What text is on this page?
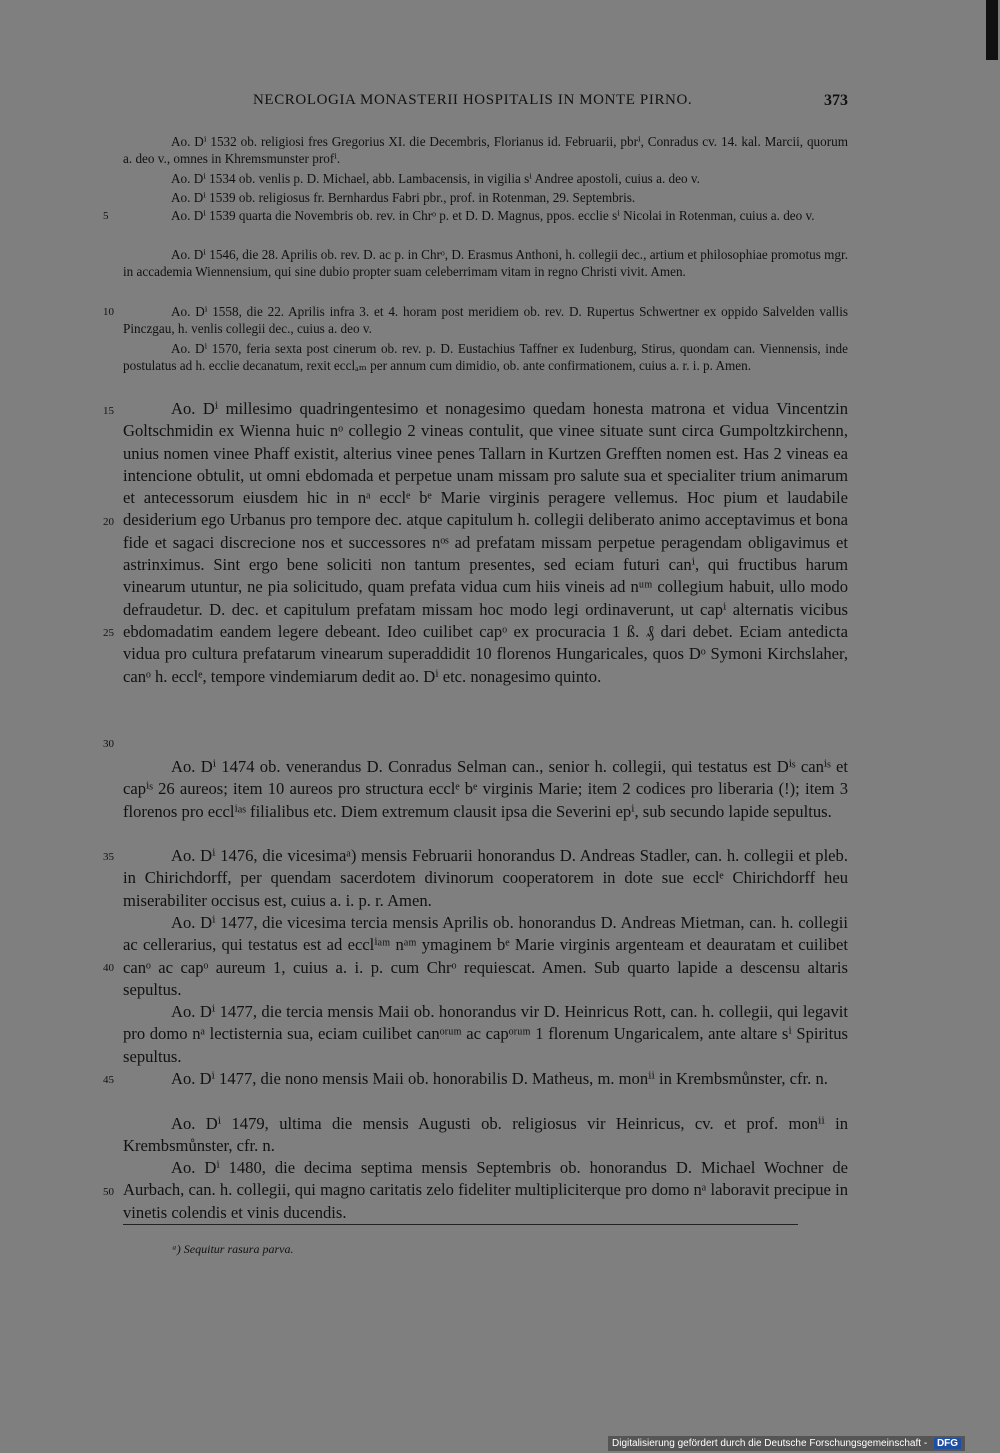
NECROLOGIA MONASTERII HOSPITALIS IN MONTE PIRNO.	373
5
10
15
20
25
30
35
40
45
50
Ao. Dⁱ 1532 ob. religiosi fres Gregorius XI. die Decembris, Florianus id. Februarii, pbrⁱ, Conradus cv. 14. kal. Marcii, quorum a. deo v., omnes in Khremsmunster profⁱ.
Ao. Dⁱ 1534 ob. venlis p. D. Michael, abb. Lambacensis, in vigilia sⁱ Andree apostoli, cuius a. deo v.
Ao. Dⁱ 1539 ob. religiosus fr. Bernhardus Fabri pbr., prof. in Rotenman, 29. Septembris.
Ao. Dⁱ 1539 quarta die Novembris ob. rev. in Chrᵒ p. et D. D. Magnus, ppos. ecclie sⁱ Nicolai in Rotenman, cuius a. deo v.
Ao. Dⁱ 1546, die 28. Aprilis ob. rev. D. ac p. in Chrᵒ, D. Erasmus Anthoni, h. collegii dec., artium et philosophiae promotus mgr. in accademia Wiennensium, qui sine dubio propter suam celeberrimam vitam in regno Christi vivit. Amen.
Ao. Dⁱ 1558, die 22. Aprilis infra 3. et 4. horam post meridiem ob. rev. D. Rupertus Schwertner ex oppido Salvelden vallis Pinczgau, h. venlis collegii dec., cuius a. deo v.
Ao. Dⁱ 1570, feria sexta post cinerum ob. rev. p. D. Eustachius Taffner ex Iudenburg, Stirus, quondam can. Viennensis, inde postulatus ad h. ecclie decanatum, rexit ecclₐₘ per annum cum dimidio, ob. ante confirmationem, cuius a. r. i. p. Amen.
Ao. Dⁱ millesimo quadringentesimo et nonagesimo quedam honesta matrona et vidua Vincentzin Goltschmidin ex Wienna huic nᵒ collegio 2 vineas contulit, que vinee situate sunt circa Gumpoltzkirchenn, unius nomen vinee Phaff existit, alterius vinee penes Tallarn in Kurtzen Grefften nomen est. Has 2 vineas ea intencione obtulit, ut omni ebdomada et perpetue unam missam pro salute sua et specialiter trium animarum et antecessorum eiusdem hic in nᵃ ecclᵉ bᵉ Marie virginis peragere vellemus. Hoc pium et laudabile desiderium ego Urbanus pro tempore dec. atque capitulum h. collegii deliberato animo acceptavimus et bona fide et sagaci discrecione nos et successores nᵒˢ ad prefatam missam perpetue peragendam obligavimus et astrinximus. Sint ergo bene soliciti non tantum presentes, sed eciam futuri canⁱ, qui fructibus harum vinearum utuntur, ne pia solicitudo, quam prefata vidua cum hiis vineis ad nᵘᵐ collegium habuit, ullo modo defraudetur. D. dec. et capitulum prefatam missam hoc modo legi ordinaverunt, ut capⁱ alternatis vicibus ebdomadatim eandem legere debeant. Ideo cuilibet capᵒ ex procuracia 1 ß. ₰ dari debet. Eciam antedicta vidua pro cultura prefatarum vinearum superaddidit 10 florenos Hungaricales, quos Dᵒ Symoni Kirchslaher, canᵒ h. ecclᵉ, tempore vindemiarum dedit ao. Dⁱ etc. nonagesimo quinto.
Ao. Dⁱ 1474 ob. venerandus D. Conradus Selman can., senior h. collegii, qui testatus est Dⁱˢ canⁱˢ et capⁱˢ 26 aureos; item 10 aureos pro structura ecclᵉ bᵉ virginis Marie; item 2 codices pro liberaria (!); item 3 florenos pro ecclⁱᵃˢ filialibus etc. Diem extremum clausit ipsa die Severini epⁱ, sub secundo lapide sepultus.
Ao. Dⁱ 1476, die vicesimaᵃ) mensis Februarii honorandus D. Andreas Stadler, can. h. collegii et pleb. in Chirichdorff, per quendam sacerdotem divinorum cooperatorem in dote sue ecclᵉ Chirichdorff heu miserabiliter occisus est, cuius a. i. p. r. Amen.
Ao. Dⁱ 1477, die vicesima tercia mensis Aprilis ob. honorandus D. Andreas Mietman, can. h. collegii ac cellerarius, qui testatus est ad ecclⁱᵃᵐ nᵃᵐ ymaginem bᵉ Marie virginis argenteam et deauratam et cuilibet canᵒ ac capᵒ aureum 1, cuius a. i. p. cum Chrᵒ requiescat. Amen. Sub quarto lapide a descensu altaris sepultus.
Ao. Dⁱ 1477, die tercia mensis Maii ob. honorandus vir D. Heinricus Rott, can. h. collegii, qui legavit pro domo nᵃ lectisternia sua, eciam cuilibet canᵒʳᵘᵐ ac capᵒʳᵘᵐ 1 florenum Ungaricalem, ante altare sⁱ Spiritus sepultus.
Ao. Dⁱ 1477, die nono mensis Maii ob. honorabilis D. Matheus, m. monⁱⁱ in Krembsmůnster, cfr. n.
Ao. Dⁱ 1479, ultima die mensis Augusti ob. religiosus vir Heinricus, cv. et prof. monⁱⁱ in Krembsmůnster, cfr. n.
Ao. Dⁱ 1480, die decima septima mensis Septembris ob. honorandus D. Michael Wochner de Aurbach, can. h. collegii, qui magno caritatis zelo fideliter multipliciterque pro domo nᵃ laboravit precipue in vinetis colendis et vinis ducendis.
ᵃ) Sequitur rasura parva.
Digitalisierung gefördert durch die Deutsche Forschungsgemeinschaft - DFG
